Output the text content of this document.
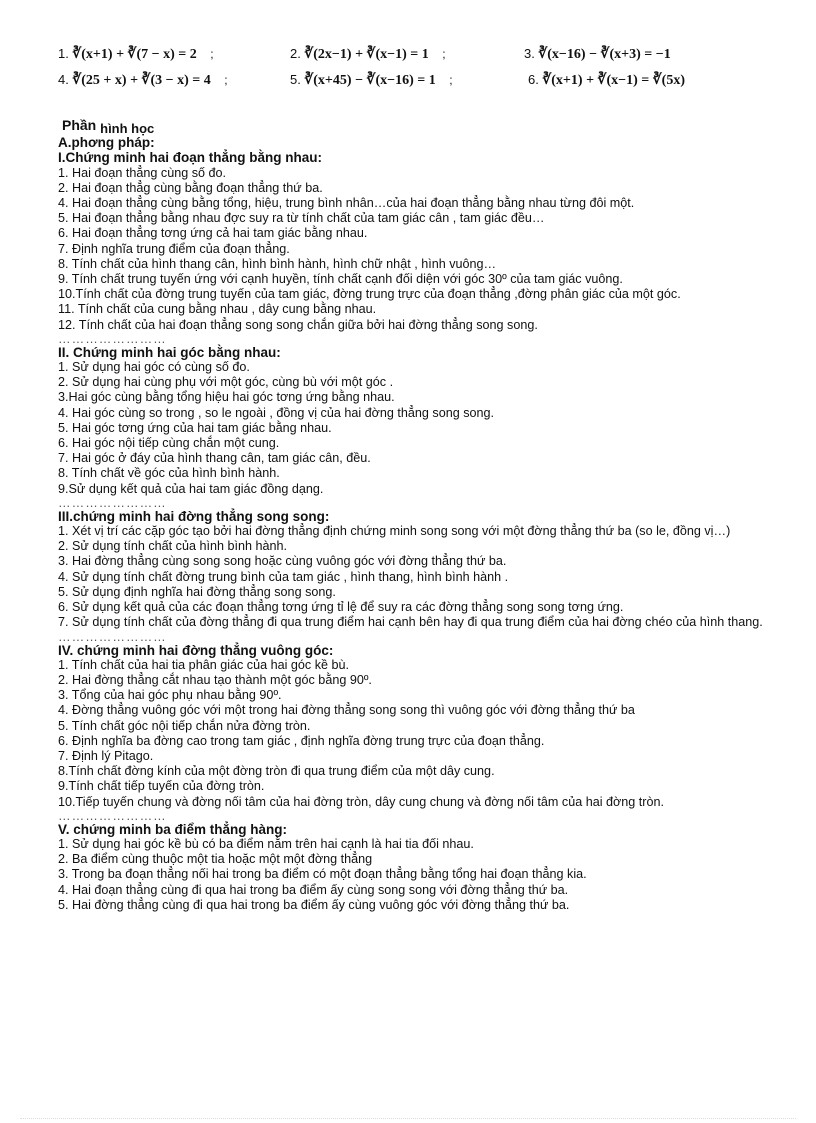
1. ∛(x+1) + ∛(7 − x) = 2 ;	2. ∛(2x−1) + ∛(x−1) = 1 ;	3. ∛(x−16) − ∛(x+3) = −1
4. ∛(25 + x) + ∛(3 − x) = 4 ;	5. ∛(x+45) − ∛(x−16) = 1 ;	6. ∛(x+1) + ∛(x−1) = ∛(5x)

Phần hình học

A.phơng pháp:

I.Chứng minh hai đoạn thẳng bằng nhau:

1. Hai đoạn thẳng cùng số đo.

2. Hai đoạn thẳg cùng bằng đoạn thẳng thứ ba.

4. Hai đoạn thẳng cùng bằng tổng, hiệu, trung bình nhân…của hai đoạn thẳng bằng nhau từng đôi một.

5. Hai đoạn thẳng bằng nhau đợc suy ra từ tính chất của tam giác cân , tam giác đều…

6. Hai đoạn thẳng tơng ứng cả hai tam giác bằng nhau.

7. Định nghĩa trung điểm của đoạn thẳng.

8. Tính chất của hình thang cân, hình bình hành, hình chữ nhật , hình vuông…

9. Tính chất trung tuyến ứng với cạnh huyền, tính chất cạnh đối diện với góc 30º của tam giác vuông.

10.Tính chất của đờng trung tuyến của tam giác, đờng trung trực của đoạn thẳng ,đờng phân giác của một góc.

11. Tính chất của cung bằng nhau , dây cung bằng nhau.

12. Tính chất của hai đoạn thẳng song song chắn giữa bởi hai đờng thẳng song song.

……………………

II. Chứng minh hai góc bằng nhau:

1. Sử dụng hai góc có cùng số đo.

2. Sử dụng hai cùng phụ với một góc, cùng bù với một góc .

3.Hai góc cùng bằng tổng hiệu hai góc tơng ứng bằng nhau.

4. Hai góc cùng so trong , so le ngoài , đồng vị của hai đờng thẳng song song.

5. Hai góc tơng ứng của hai tam giác bằng nhau.

6. Hai góc nội tiếp cùng chắn một cung.

7. Hai góc ở đáy của hình thang cân, tam giác cân, đều.

8. Tính chất về góc của hình bình hành.

9.Sử dụng kết quả của hai tam giác đồng dạng.

……………………

III.chứng minh hai đờng thẳng song song:

1. Xét vị trí các cặp góc tạo bởi hai đờng thẳng định chứng minh song song với một đờng thẳng thứ ba (so le, đồng vị…)

2. Sử dụng tính chất của hình bình hành.

3. Hai đờng thẳng cùng song song hoặc cùng vuông góc với đờng thẳng thứ ba.

4. Sử dụng tính chất đờng trung bình của tam giác , hình thang, hình bình hành .

5. Sử dụng định nghĩa hai đờng thẳng song song.

6. Sử dụng kết quả của các đoạn thẳng tơng ứng tỉ lệ để suy ra các đờng thẳng song song tơng ứng.

7. Sử dụng tính chất của đờng thẳng đi qua trung điểm hai cạnh bên hay đi qua trung điểm của hai đờng chéo của hình thang.

……………………

IV. chứng minh hai đờng thẳng vuông góc:

1. Tính chất của hai tia phân giác của hai góc kề bù.

2. Hai đờng thẳng cắt nhau tạo thành một góc bằng 90º.

3. Tổng của hai góc phụ nhau bằng 90º.

4. Đờng thẳng vuông góc với một trong hai đờng thẳng song song thì vuông góc với đờng thẳng thứ ba

5. Tính chất góc nội tiếp chắn nửa đờng tròn.

6. Định nghĩa ba đờng cao trong tam giác , định nghĩa đờng trung trực của đoạn thẳng.

7. Định lý Pitago.

8.Tính chất đờng kính của một đờng tròn đi qua trung điểm của một dây cung.

9.Tính chất tiếp tuyến của đờng tròn.

10.Tiếp tuyến chung và đờng nối tâm của hai đờng tròn, dây cung chung và đờng nối tâm của hai đờng tròn.

……………………

V. chứng minh ba điểm thẳng hàng:

1. Sử dụng hai góc kề bù có ba điểm nằm trên hai cạnh là hai tia đối nhau.

2. Ba điểm cùng thuộc một tia hoặc một một đờng thẳng

3. Trong ba đoạn thẳng nối hai trong ba điểm có một đoạn thẳng bằng tổng hai đoạn thẳng kia.

4. Hai đoạn thẳng cùng đi qua hai trong ba điểm ấy cùng song song với đờng thẳng thứ ba.

5. Hai đờng thẳng cùng đi qua hai trong ba điểm ấy cùng vuông góc với đờng thẳng thứ ba.
